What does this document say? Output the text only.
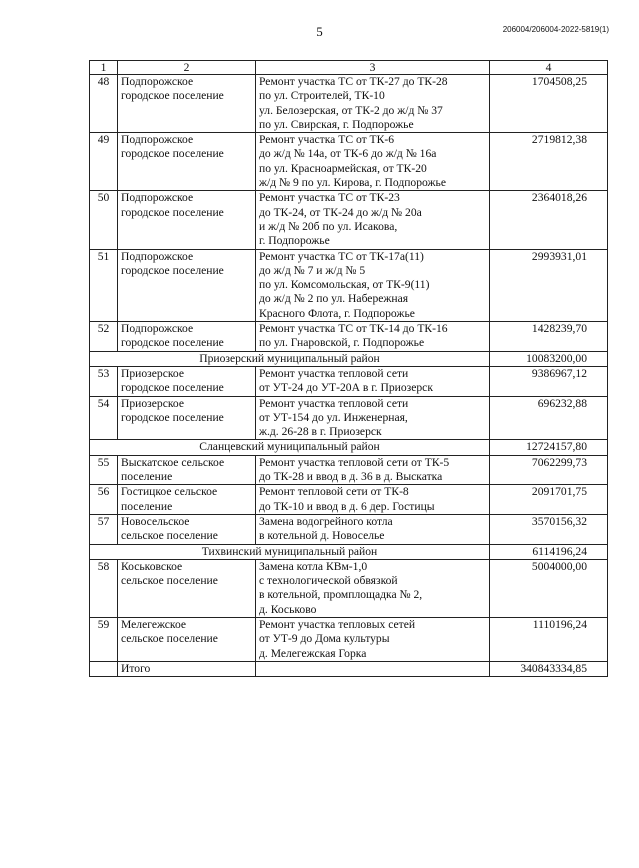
5	206004/206004-2022-5819(1)
1	2	3	4
48	Подпорожское городское поселение	Ремонт участка ТС от ТК-27 до ТК-28
по ул. Строителей, ТК-10
ул. Белозерская, от ТК-2 до ж/д № 37
по ул. Свирская, г. Подпорожье	1704508,25
49	Подпорожское городское поселение	Ремонт участка ТС от ТК-6
до ж/д № 14а, от ТК-6 до ж/д № 16а
по ул. Красноармейская, от ТК-20
ж/д № 9 по ул. Кирова, г. Подпорожье	2719812,38
50	Подпорожское городское поселение	Ремонт участка ТС от ТК-23
до ТК-24, от ТК-24 до ж/д № 20а
и ж/д № 20б по ул. Исакова,
г. Подпорожье	2364018,26
51	Подпорожское городское поселение	Ремонт участка ТС от ТК-17а(11)
до ж/д № 7 и ж/д № 5
по ул. Комсомольская, от ТК-9(11)
до ж/д № 2 по ул. Набережная
Красного Флота, г. Подпорожье	2993931,01
52	Подпорожское городское поселение	Ремонт участка ТС от ТК-14 до ТК-16
по ул. Гнаровской, г. Подпорожье	1428239,70
Приозерский муниципальный район			10083200,00
53	Приозерское городское поселение	Ремонт участка тепловой сети
от УТ-24 до УТ-20А в г. Приозерск	9386967,12
54	Приозерское городское поселение	Ремонт участка тепловой сети
от УТ-154 до ул. Инженерная,
ж.д. 26-28 в г. Приозерск	696232,88
Сланцевский муниципальный район			12724157,80
55	Выскатское сельское поселение	Ремонт участка тепловой сети от ТК-5
до ТК-28 и ввод в д. 36 в д. Выскатка	7062299,73
56	Гостицкое сельское поселение	Ремонт тепловой сети от ТК-8
до ТК-10 и ввод в д. 6 дер. Гостицы	2091701,75
57	Новосельское сельское поселение	Замена водогрейного котла
в котельной д. Новосельe	3570156,32
Тихвинский муниципальный район			6114196,24
58	Коськовское сельское поселение	Замена котла КВм-1,0
с технологической обвязкой
в котельной, промплощадка № 2,
д. Коськово	5004000,00
59	Мелегежское сельское поселение	Ремонт участка тепловых сетей
от УТ-9 до Дома культуры
д. Мелегежская Горка	1110196,24
	Итого		340843334,85
